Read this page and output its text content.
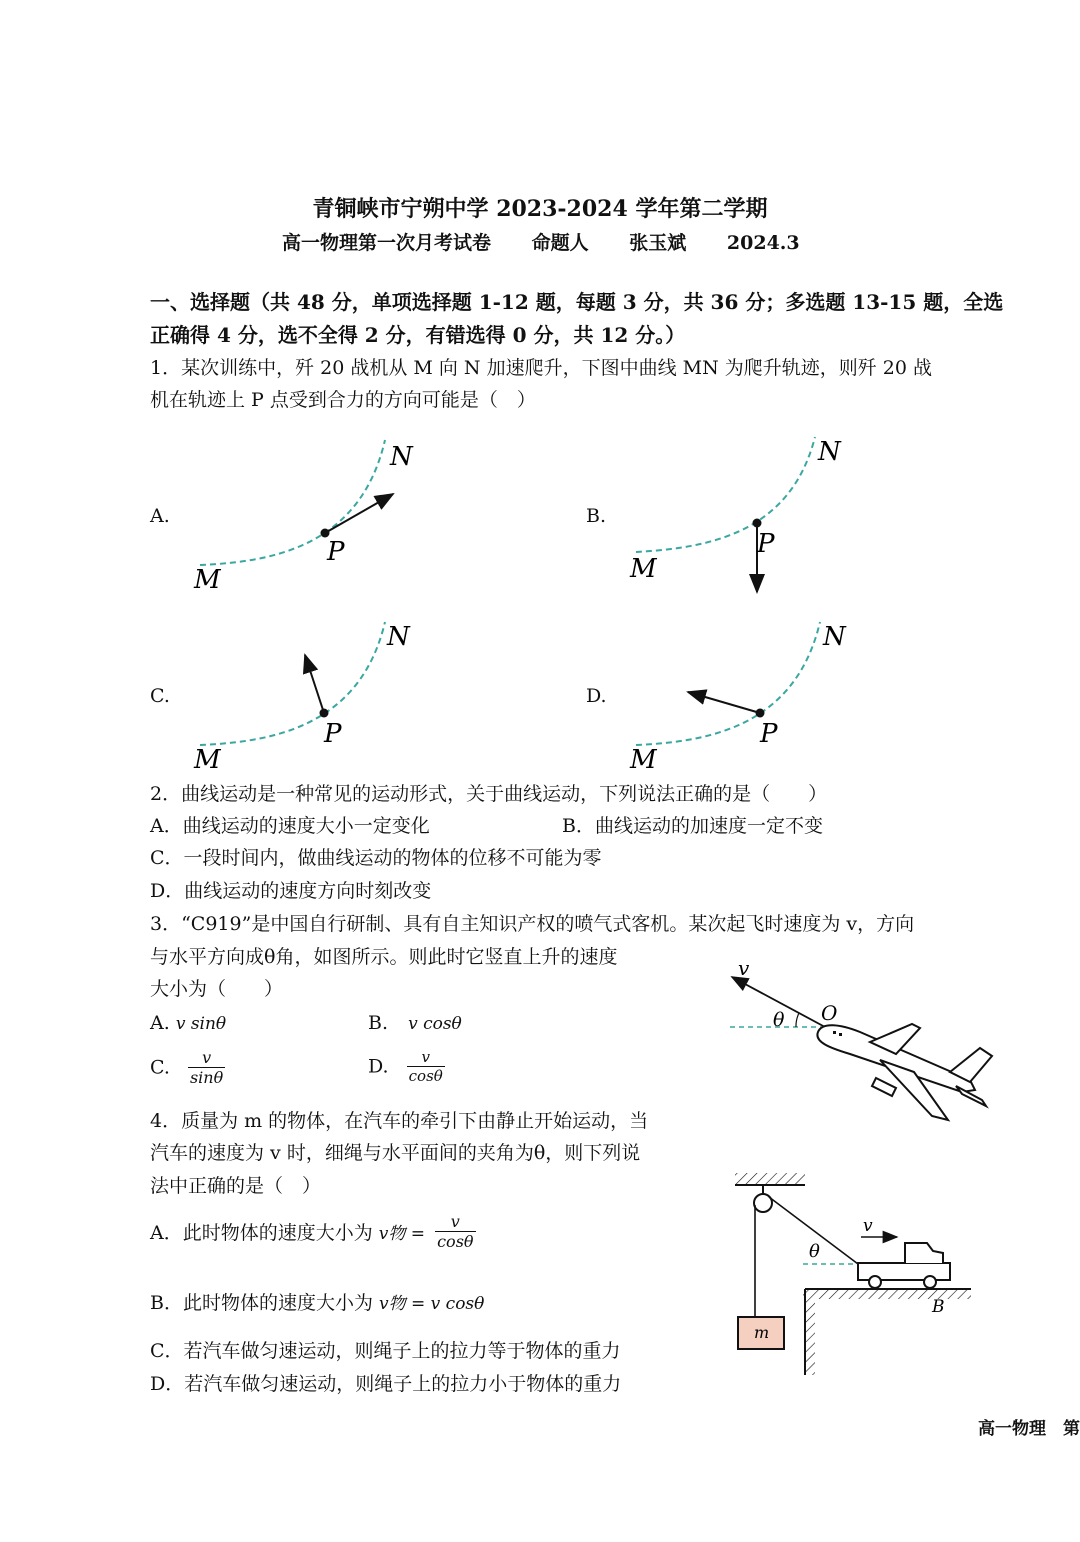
青铜峡市宁朔中学 2023-2024 学年第二学期
高一物理第一次月考试卷 命题人 张玉斌 2024.3
一、选择题（共 48 分，单项选择题 1-12 题，每题 3 分，共 36 分；多选题 13-15 题，全选正确得 4 分，选不全得 2 分，有错选得 0 分，共 12 分。）
1．某次训练中，歼 20 战机从 M 向 N 加速爬升，下图中曲线 MN 为爬升轨迹，则歼 20 战
机在轨迹上 P 点受到合力的方向可能是（　）
A.	B.
C.	D.
N
P
M
N
P
M
N
P
M
N
P
M
2．曲线运动是一种常见的运动形式，关于曲线运动，下列说法正确的是（　　）
A．曲线运动的速度大小一定变化	B．曲线运动的加速度一定不变
C．一段时间内，做曲线运动的物体的位移不可能为零
D．曲线运动的速度方向时刻改变
3．“C919”是中国自行研制、具有自主知识产权的喷气式客机。某次起飞时速度为 v，方向
与水平方向成θ角，如图所示。则此时它竖直上升的速度
大小为（　　）
A. v sinθ	B. v cosθ
C. $\frac{v}{\sin\theta}$	D. $\frac{v}{\cos\theta}$
v
θ O
4．质量为 m 的物体，在汽车的牵引下由静止开始运动，当
汽车的速度为 v 时，细绳与水平面间的夹角为θ，则下列说
法中正确的是（　）
A．此时物体的速度大小为 v物 = $\frac{v}{\cos\theta}$
B．此时物体的速度大小为 v物 = v cosθ
C．若汽车做匀速运动，则绳子上的拉力等于物体的重力
D．若汽车做匀速运动，则绳子上的拉力小于物体的重力
m
θ
v
B
高一物理　第
